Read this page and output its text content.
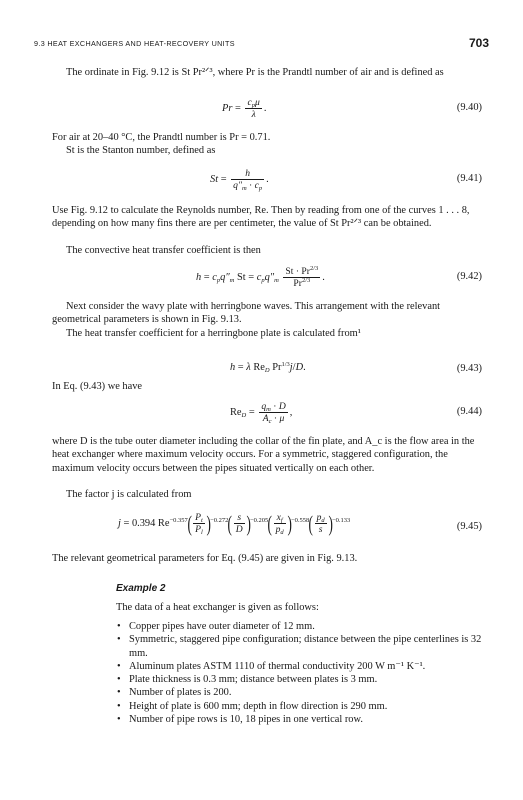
9.3 HEAT EXCHANGERS AND HEAT-RECOVERY UNITS	703
The ordinate in Fig. 9.12 is St Pr²ᐟ³, where Pr is the Prandtl number of air and is defined as
$Pr = \frac{c_p\mu}{\lambda}$ .	(9.40)
For air at 20–40 °C, the Prandtl number is Pr = 0.71.
St is the Stanton number, defined as
$St = \frac{h}{q''_m \cdot c_p}$ .	(9.41)
Use Fig. 9.12 to calculate the Reynolds number, Re. Then by reading from one of the curves 1 . . . 8, depending on how many fins there are per centimeter, the value of St Pr²ᐟ³ can be obtained.
The convective heat transfer coefficient is then
$h = c_pq''_m$ $St = c_pq''_m \frac{St \cdot Pr^{2/3}}{Pr^{2/3}}$ .	(9.42)
Next consider the wavy plate with herringbone waves. This arrangement with the relevant geometrical parameters is shown in Fig. 9.13.
The heat transfer coefficient for a herringbone plate is calculated from¹
h = λ $Re_D$ $Pr^{1/3}j/D$.	(9.43)
In Eq. (9.43) we have
$Re_D = \frac{q_m \cdot D}{A_c \cdot \mu}$ ,	(9.44)
where D is the tube outer diameter including the collar of the fin plate, and A_c is the flow area in the heat exchanger where maximum velocity occurs. For a symmetric, staggered configuration, the maximum velocity occurs between the pipes situated vertically on each other.
The factor j is calculated from
j = 0.394 $Re^{-0.357}( \frac{P_t}{P_l} )^{-0.272}( \frac{s}{D} )^{-0.205}( \frac{x_f}{p_d} )^{-0.558}( \frac{p_d}{s} )^{-0.133}$
(9.45)
The relevant geometrical parameters for Eq. (9.45) are given in Fig. 9.13.
Example 2
The data of a heat exchanger is given as follows:
• Copper pipes have outer diameter of 12 mm.
• Symmetric, staggered pipe configuration; distance between the pipe centerlines is 32 mm.
• Aluminum plates ASTM 1110 of thermal conductivity 200 W m⁻¹ K⁻¹.
• Plate thickness is 0.3 mm; distance between plates is 3 mm.
• Number of plates is 200.
• Height of plate is 600 mm; depth in flow direction is 290 mm.
• Number of pipe rows is 10, 18 pipes in one vertical row.
